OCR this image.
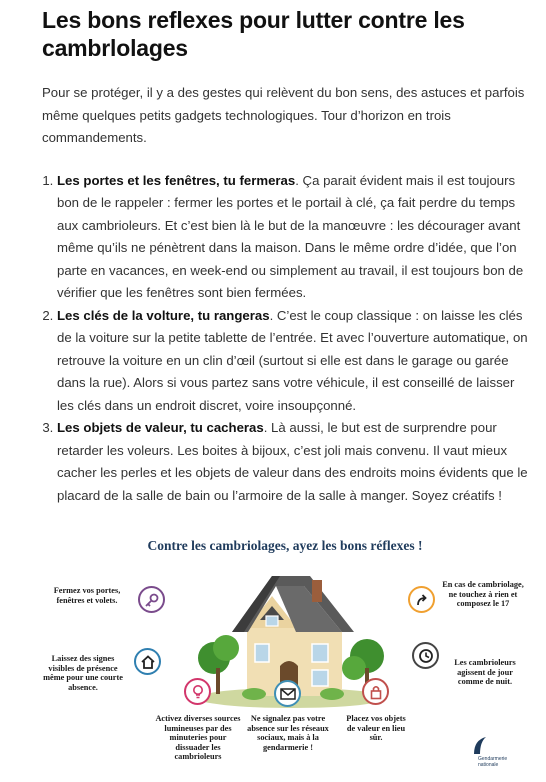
Les bons reflexes pour lutter contre les cambrlolages

Pour se protéger, il y a des gestes qui relèvent du bon sens, des astuces et parfois même quelques petits gadgets technologiques. Tour d’horizon en trois commandements.

1. Les portes et les fenêtres, tu fermeras. Ça parait évident mais il est toujours bon de le rappeler : fermer les portes et le portail à clé, ça fait perdre du temps aux cambrioleurs. Et c’est bien là le but de la manœuvre : les décourager avant même qu’ils ne pénètrent dans la maison. Dans le même ordre d’idée, que l’on parte en vacances, en week-end ou simplement au travail, il est toujours bon de vérifier que les fenêtres sont bien fermées.
2. Les clés de la volture, tu rangeras. C’est le coup classique : on laisse les clés de la voiture sur la petite tablette de l’entrée. Et avec l’ouverture automatique, on retrouve la voiture en un clin d’œil (surtout si elle est dans le garage ou garée dans la rue). Alors si vous partez sans votre véhicule, il est conseillé de laisser les clés dans un endroit discret, voire insoupçonné.
3. Les objets de valeur, tu cacheras. Là aussi, le but est de surprendre pour retarder les voleurs. Les boites à bijoux, c’est joli mais convenu. Il vaut mieux cacher les perles et les objets de valeur dans des endroits moins évidents que le placard de la salle de bain ou l’armoire de la salle à manger. Soyez créatifs !
Contre les cambriolages, ayez les bons réflexes !
Fermez vos portes, fenêtres et volets.
Laissez des signes visibles de présence même pour une courte absence.
Activez diverses sources lumineuses par des minuteries pour dissuader les cambrioleurs
Ne signalez pas votre absence sur les réseaux sociaux, mais à la gendarmerie !
Placez vos objets de valeur en lieu sûr.
En cas de cambriolage, ne touchez à rien et composez le 17
Les cambrioleurs agissent de jour comme de nuit.
Gendarmerie
nationale
